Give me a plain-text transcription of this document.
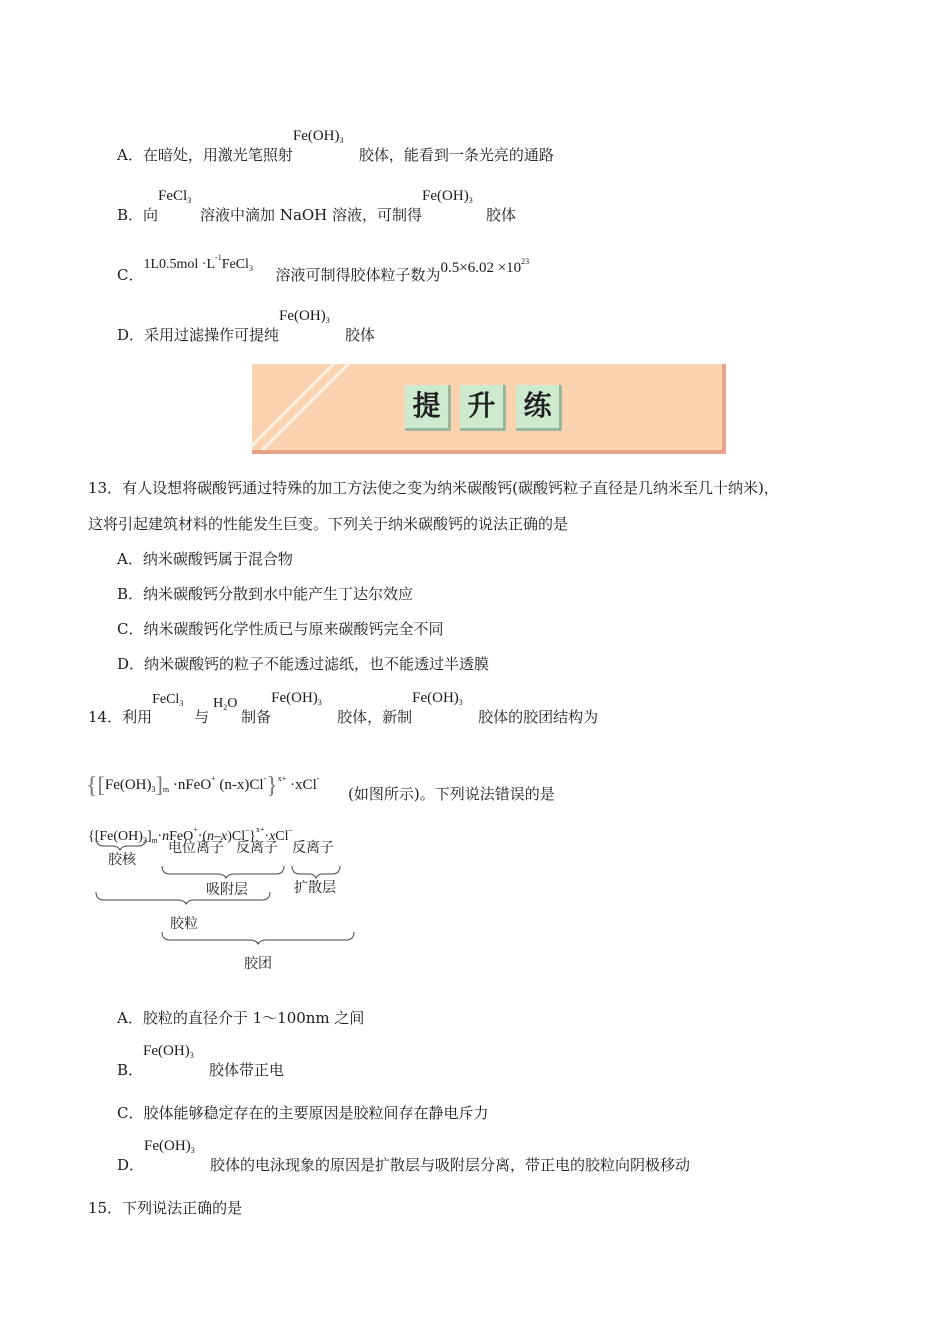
A．在暗处，用激光笔照射
$Fe(OH)_3$
胶体，能看到一条光亮的通路
B．向
FeCl$_3$
溶液中滴加 NaOH 溶液，可制得
$Fe(OH)_3$
胶体
C．
$1L0.5mol \cdot L^{-1}FeCl_3$ 溶液可制得胶体粒子数为 $0.5\times 6.02 \times 10^{23}$
D．采用过滤操作可提纯
$Fe(OH)_3$
胶体
提 升 练
13．有人设想将碳酸钙通过特殊的加工方法使之变为纳米碳酸钙(碳酸钙粒子直径是几纳米至几十纳米)，
这将引起建筑材料的性能发生巨变。下列关于纳米碳酸钙的说法正确的是
A．纳米碳酸钙属于混合物
B．纳米碳酸钙分散到水中能产生丁达尔效应
C．纳米碳酸钙化学性质已与原来碳酸钙完全不同
D．纳米碳酸钙的粒子不能透过滤纸，也不能透过半透膜
14．利用
FeCl$_3$
与
$H_2O$
制备
$Fe(OH)_3$
胶体，新制
$Fe(OH)_3$
胶体的胶团结构为
{$[Fe(OH)_3]_m$ ·nFeO+ (n-x)Cl-}$^{x+}$ ·xCl-
(如图所示)。下列说法错误的是
$\{[Fe(OH)_3]_m\cdot nFeO^+\cdot(n-x)Cl^-\}^{x+}\cdot xCl^-$
胶核
电位离子 反离子 反离子
吸附层	扩散层
胶粒
胶团
A．胶粒的直径介于 1～100nm 之间
B．
$Fe(OH)_3$
胶体带正电
C．胶体能够稳定存在的主要原因是胶粒间存在静电斥力
D．
$Fe(OH)_3$
胶体的电泳现象的原因是扩散层与吸附层分离，带正电的胶粒向阴极移动
15．下列说法正确的是
